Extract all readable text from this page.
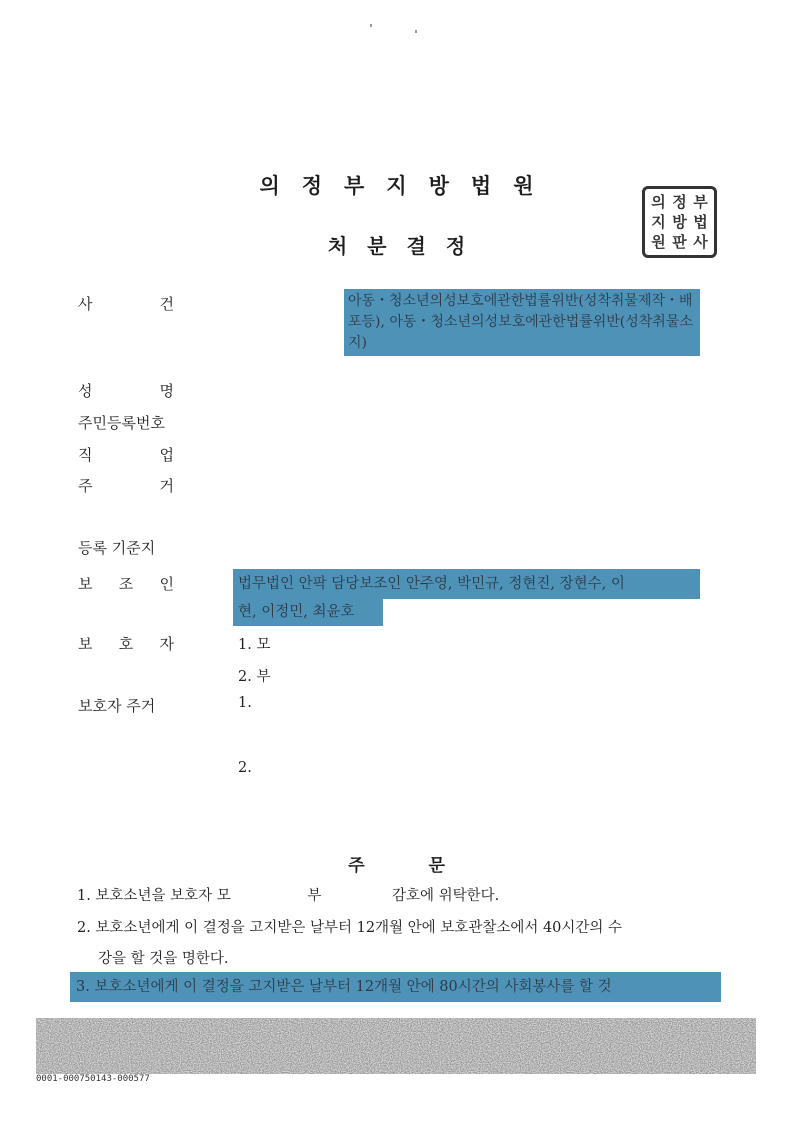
의정부지방법원
처분결정
의 정 부
지 방 법
원 판 사
사	건	아동・청소년의성보호에관한법률위반(성착취물제작・배포등), 아동・청소년의성보호에관한법률위반(성착취물소지)
성	명
주민등록번호
직	업
주	거
등록 기준지
보 조 인	법무법인 안팍 담당보조인 안주영, 박민규, 정현진, 장현수, 이
현, 이정민, 최윤호
보 호 자	1. 모
2. 부
보호자 주거	1.
2.
주 문
1. 보호소년을 보호자 모	부	감호에 위탁한다.
2. 보호소년에게 이 결정을 고지받은 날부터 12개월 안에 보호관찰소에서 40시간의 수
강을 할 것을 명한다.
3. 보호소년에게 이 결정을 고지받은 날부터 12개월 안에 80시간의 사회봉사를 할 것
0001-000750143-000577
